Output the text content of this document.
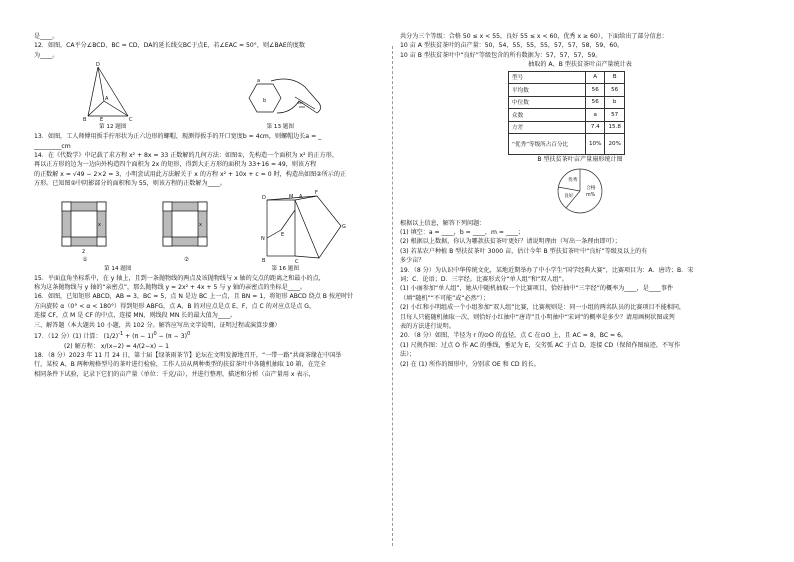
是____。
12．如图，CA平分∠BCD，BC = CD，DA的延长线交BC于点E，若∠EAC = 50°，则∠BAE的度数
为____。
D
A
B	E	C
第 12 题图
b
a
第 13 题图
13．如图，工人师傅用扳手拧形状为正六边形的螺帽，现测得扳手的开口宽度b = 4cm，则螺帽边长a = _
_________cm
14．在《代数学》中记载了求方程 x² + 8x = 33 正数解的几何方法：如图①，先构造一个面积为 x² 的正方形，
再以正方形的边为一边向外构造四个面积为 2x 的矩形，得到大正方形的面积为 33+16 = 49，则该方程
的正数解 x = √49 − 2×2 = 3，小明尝试用此方法解关于 x 的方程 x² + 10x + c = 0 时，构造出如图②所示的正
方形。已知图②中阴影部分的面积和为 55，则该方程的正数解为____。
2
x
①
x
②
D	M A
F
G
E
N
B	C
第 14 题图	第 16 题图
15．平面直角坐标系中，在 y 轴上，且到一条抛物线的两点及该抛物线与 x 轴的交点的距离之和最小的点，
称为这条抛物线与 y 轴的“亲密点”，那么抛物线 y = 2x² + 4x + 5 与 y 轴的亲密点的坐标是____。
16．如图，已知矩形 ABCD，AB = 3，BC = 5，点 N 是边 BC 上一点，且 BN = 1，将矩形 ABCD 绕点 B 按逆时针
方向旋转 α（0° < α < 180°）得到矩形 ABFG，点 A、B 的对应点是点 E、F，点 C 的对应点是点 G，
连接 CF，点 M 是 CF 的中点，连接 MN，则线段 MN 长的最大值为____。
三、解答题（本大题共 10 小题，共 102 分。解答应写出文字说明，证明过程或演算步骤）
17．（12 分）(1) 计算： $(1/2)^{-1} + (\pi - 1)^0 - (\pi - 3)^0$
(2) 解方程： x/(x−2) = 4/(2−x) − 1
18．（8 分）2023 年 11 月 24 日，第十届【绿茶雨茶节】论坛在文明发源地召开，“一带一路”共商茶缘在中国举
行，某校 A、B 两种规格型号的茶叶进行检验，工作人员从两种类型的扶贫茶叶中各随机抽取 10 箱，在完全
相同条件下试验，记录下它们的亩产量（单位：千克/亩），并进行整理、描述和分析（亩产量用 x 表示，
共分为三个等级：合格 50 ≤ x < 55，良好 55 ≤ x < 60，优秀 x ≥ 60），下面给出了部分信息：
10 亩 A 型扶贫茶叶的亩产量：50，54，55，55，55，57，57，58，59，60。
10 亩 B 型扶贫茶叶中“良好”等级包含的所有数据为：57，57，57，59。
抽取的 A、B 型扶贫茶叶亩产量统计表
型号	A	B
平均数	56	56
中位数	56	b
众数	a	57
方差	7.4	15.8
“优秀”等级所占百分比	10%	20%
B 型扶贫茶叶亩产量扇形统计图
优秀
合格
良好	m%
根据以上信息，解答下列问题：
(1) 填空：a = ____，b = ____，m = ____；
(2) 根据以上数据，你认为哪款扶贫茶叶更好？请说明理由（写出一条理由即可）；
(3) 若某农户种植 B 型扶贫茶叶 3000 亩，估计今年 B 型扶贫茶叶中“良好”等级及以上的有
多少亩？
19．（8 分）为认识中华传统文化，某地近期举办了中小学生“国学经典大赛”，比赛项目为：A．唐诗；B．宋
词；C．论语；D．三字经。比赛形式分“单人组”和“双人组”。
(1) 小丽参加“单人组”，她从中随机抽取一个比赛项目，恰好抽中“三字经”的概率为____，是____事件
（填“随机”“不可能”或“必然”）；
(2) 小红和小明组成一个小组参加“双人组”比赛，比赛规则是：同一小组的两名队员的比赛项目不能相同，
且每人只能随机抽取一次，则恰好小红抽中“唐诗”且小明抽中“宋词”的概率是多少？请用画树状图或列
表的方法进行说明。
20．（8 分）如图，半径为 r 的⊙O 的直径，点 C 在⊙O 上，且 AC = 8，BC = 6。
(1) 尺规作图：过点 O 作 AC 的垂线，垂足为 E，交劣弧 AC 于点 D，连接 CD（保留作图痕迹，不写作
法）；
(2) 在 (1) 所作的图形中，分别求 OE 和 CD 的长。
